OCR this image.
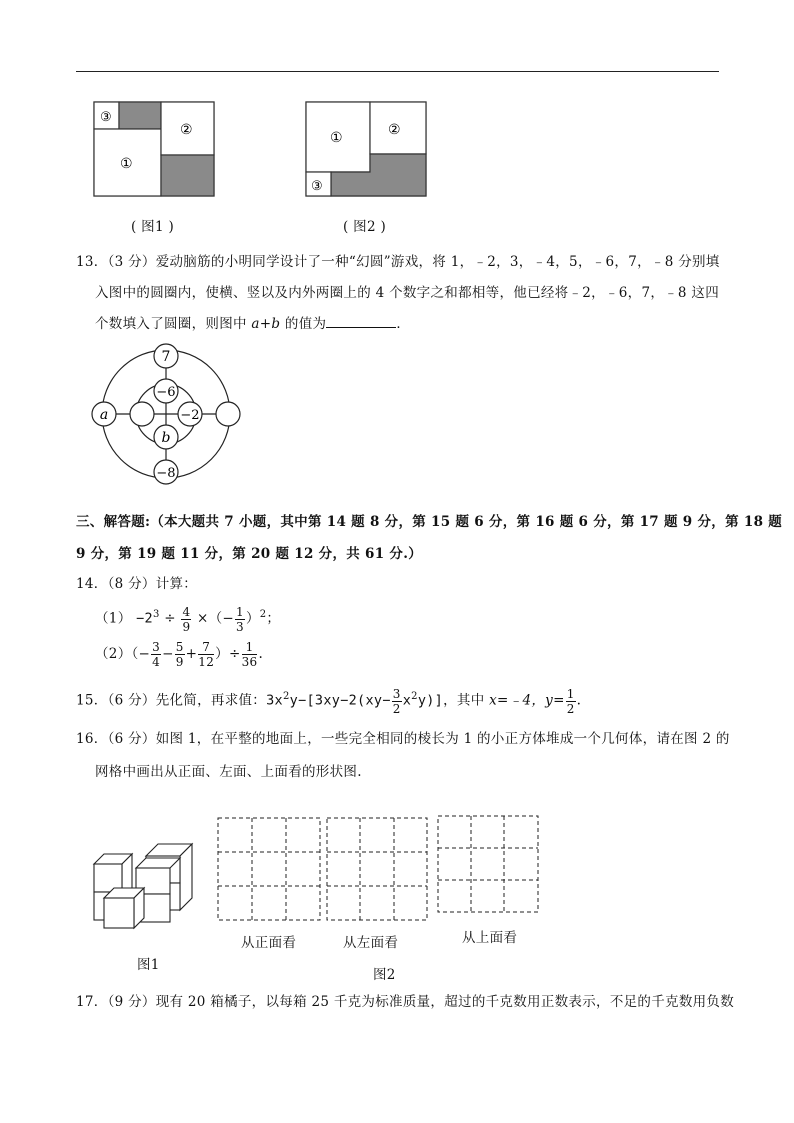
③
②
①
( 图1 )
①	②
③
( 图2 )
13．（3 分）爱动脑筋的小明同学设计了一种“幻圆”游戏，将 1，﹣2，3，﹣4，5，﹣6，7，﹣8 分别填
入图中的圆圈内，使横、竖以及内外两圈上的 4 个数字之和都相等，他已经将﹣2，﹣6，7，﹣8 这四
个数填入了圆圈，则图中 a+b 的值为	．
7
−6
−2
−8
a
b
三、解答题:（本大题共 7 小题，其中第 14 题 8 分，第 15 题 6 分，第 16 题 6 分，第 17 题 9 分，第 18 题
9 分，第 19 题 11 分，第 20 题 12 分，共 61 分.）
14．（8 分）计算：
$(1) -2^3 \div \frac{4}{9}$ ×（− $\frac{1}{3} )^2$；
$(2)(- \frac{3}{4} - \frac{5}{9} + \frac{7}{12}$ ）÷ $\frac{1}{36}$ .
15．（6 分）先化简，再求值：$3x^2y-[3xy-2(xy- \frac{3}{2} x^2y)]$，其中 x=﹣4，$y= \frac{1}{2}$ .
16．（6 分）如图 1，在平整的地面上，一些完全相同的棱长为 1 的小正方体堆成一个几何体，请在图 2 的
网格中画出从正面、左面、上面看的形状图.
图1
从正面看	从左面看	从上面看
图2
17．（9 分）现有 20 箱橘子，以每箱 25 千克为标准质量，超过的千克数用正数表示，不足的千克数用负数
